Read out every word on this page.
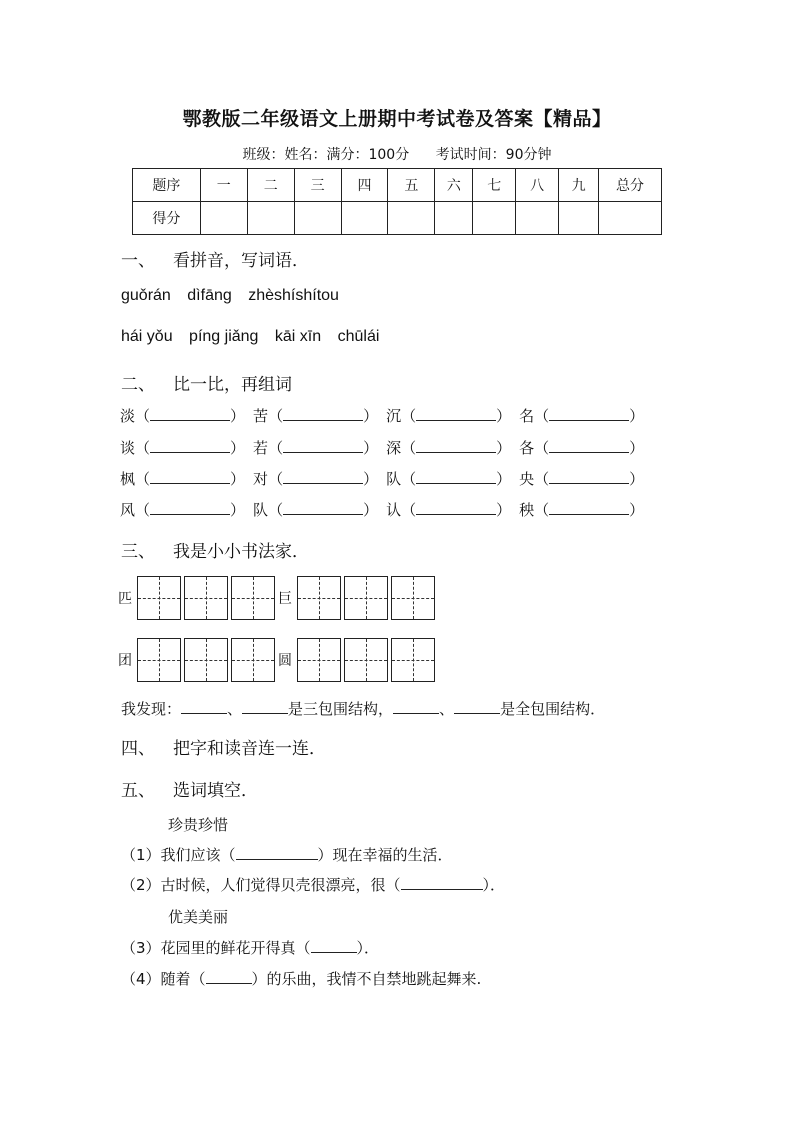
鄂教版二年级语文上册期中考试卷及答案【精品】
班级：姓名：满分：100分 考试时间：90分钟
题序	一	二	三	四	五	六	七	八	九	总分
得分										
一、 看拼音，写词语．
guǒrán dìfāng zhèshíshítou
hái yǒu píng jiǎng kāi xīn chūlái
二、 比一比，再组词
淡（	） 苦（	） 沉（	） 名（	）
谈（	） 若（	） 深（	） 各（	）
枫（	） 对（	） 队（	） 央（	）
风（	） 队（	） 认（	） 秧（	）
三、 我是小小书法家．
匹	巨
团	圆
我发现：	、	是三包围结构，	、	是全包围结构．
四、 把字和读音连一连．
五、 选词填空．
珍贵珍惜
（1）我们应该（	）现在幸福的生活．
（2）古时候，人们觉得贝壳很漂亮，很（	）．
优美美丽
（3）花园里的鲜花开得真（	）．
（4）随着（	）的乐曲，我情不自禁地跳起舞来.
